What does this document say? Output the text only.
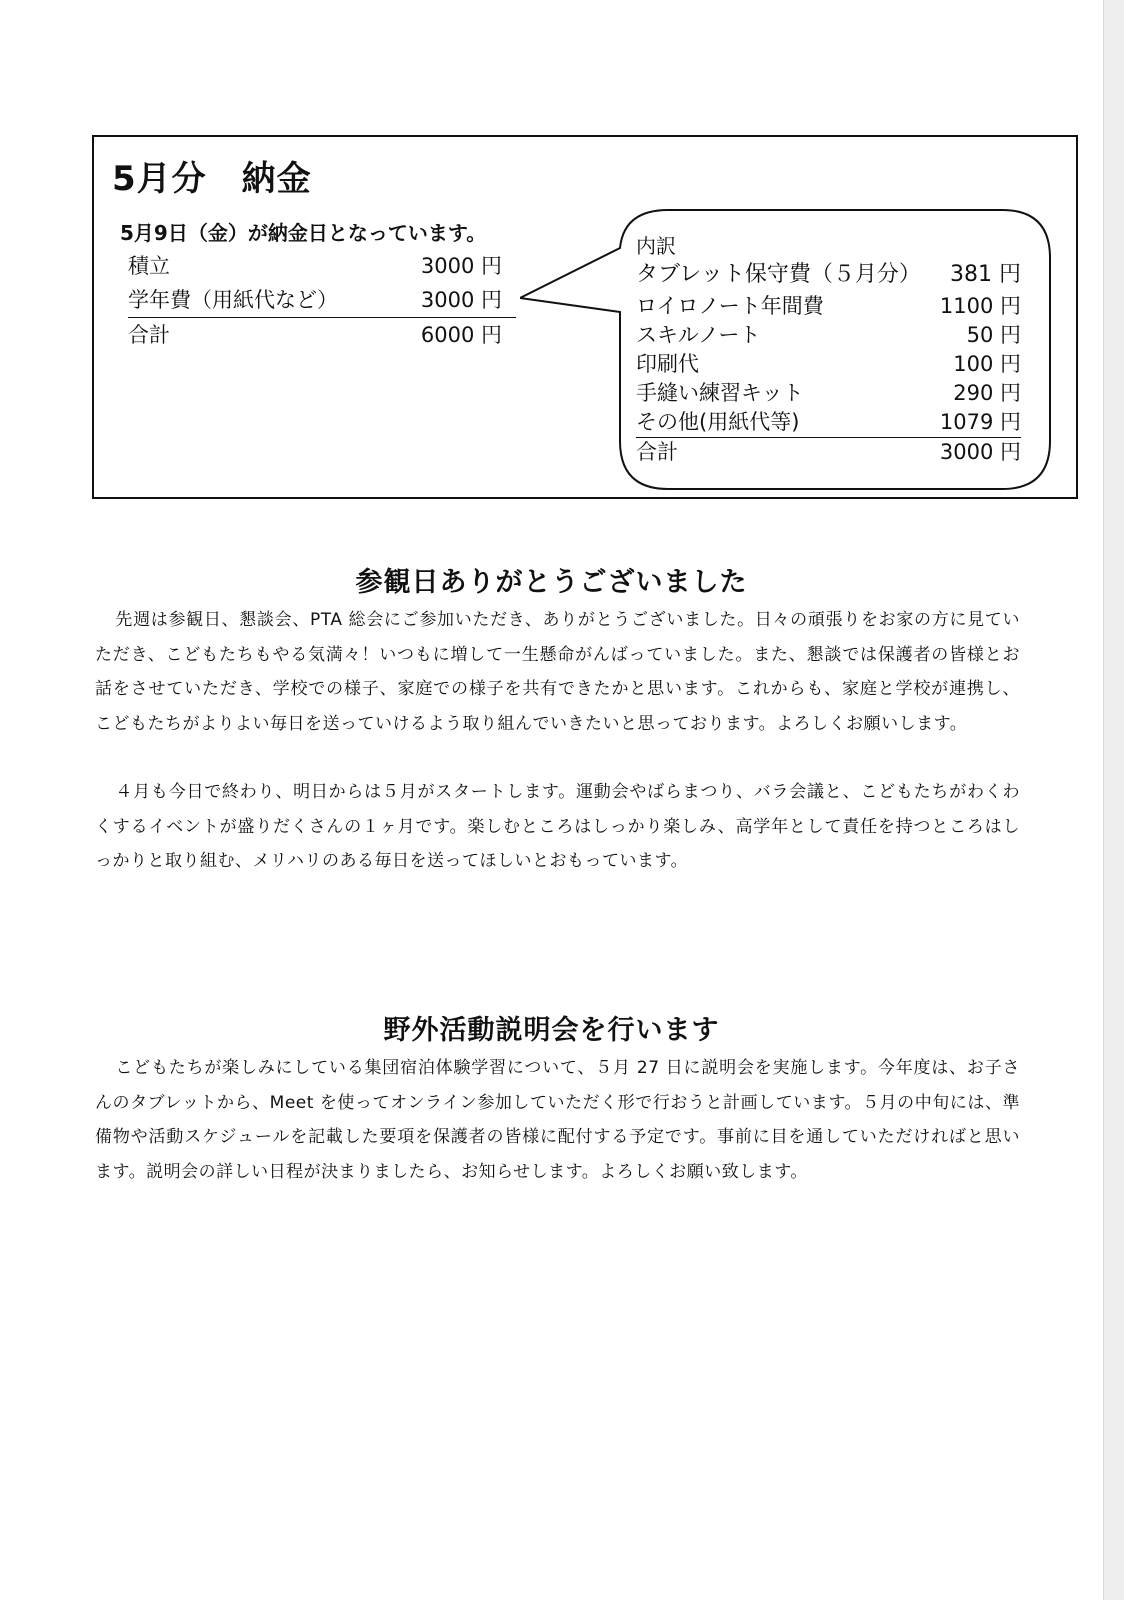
5月分　納金
5月9日（金）が納金日となっています。
積立	3000 円
学年費（用紙代など）	3000 円
合計	6000 円
内訳
タブレット保守費（５月分） 381 円
ロイロノート年間費	1100 円
スキルノート	50 円
印刷代	100 円
手縫い練習キット	290 円
その他(用紙代等)	1079 円
合計	3000 円
参観日ありがとうございました

先週は参観日、懇談会、PTA 総会にご参加いただき、ありがとうございました。日々の頑張りをお家の方に見ていただき、こどもたちもやる気満々！いつもに増して一生懸命がんばっていました。また、懇談では保護者の皆様とお話をさせていただき、学校での様子、家庭での様子を共有できたかと思います。これからも、家庭と学校が連携し、こどもたちがよりよい毎日を送っていけるよう取り組んでいきたいと思っております。よろしくお願いします。

４月も今日で終わり、明日からは５月がスタートします。運動会やばらまつり、バラ会議と、こどもたちがわくわくするイベントが盛りだくさんの１ヶ月です。楽しむところはしっかり楽しみ、高学年として責任を持つところはしっかりと取り組む、メリハリのある毎日を送ってほしいとおもっています。

野外活動説明会を行います

こどもたちが楽しみにしている集団宿泊体験学習について、５月 27 日に説明会を実施します。今年度は、お子さんのタブレットから、Meet を使ってオンライン参加していただく形で行おうと計画しています。５月の中旬には、準備物や活動スケジュールを記載した要項を保護者の皆様に配付する予定です。事前に目を通していただければと思います。説明会の詳しい日程が決まりましたら、お知らせします。よろしくお願い致します。
